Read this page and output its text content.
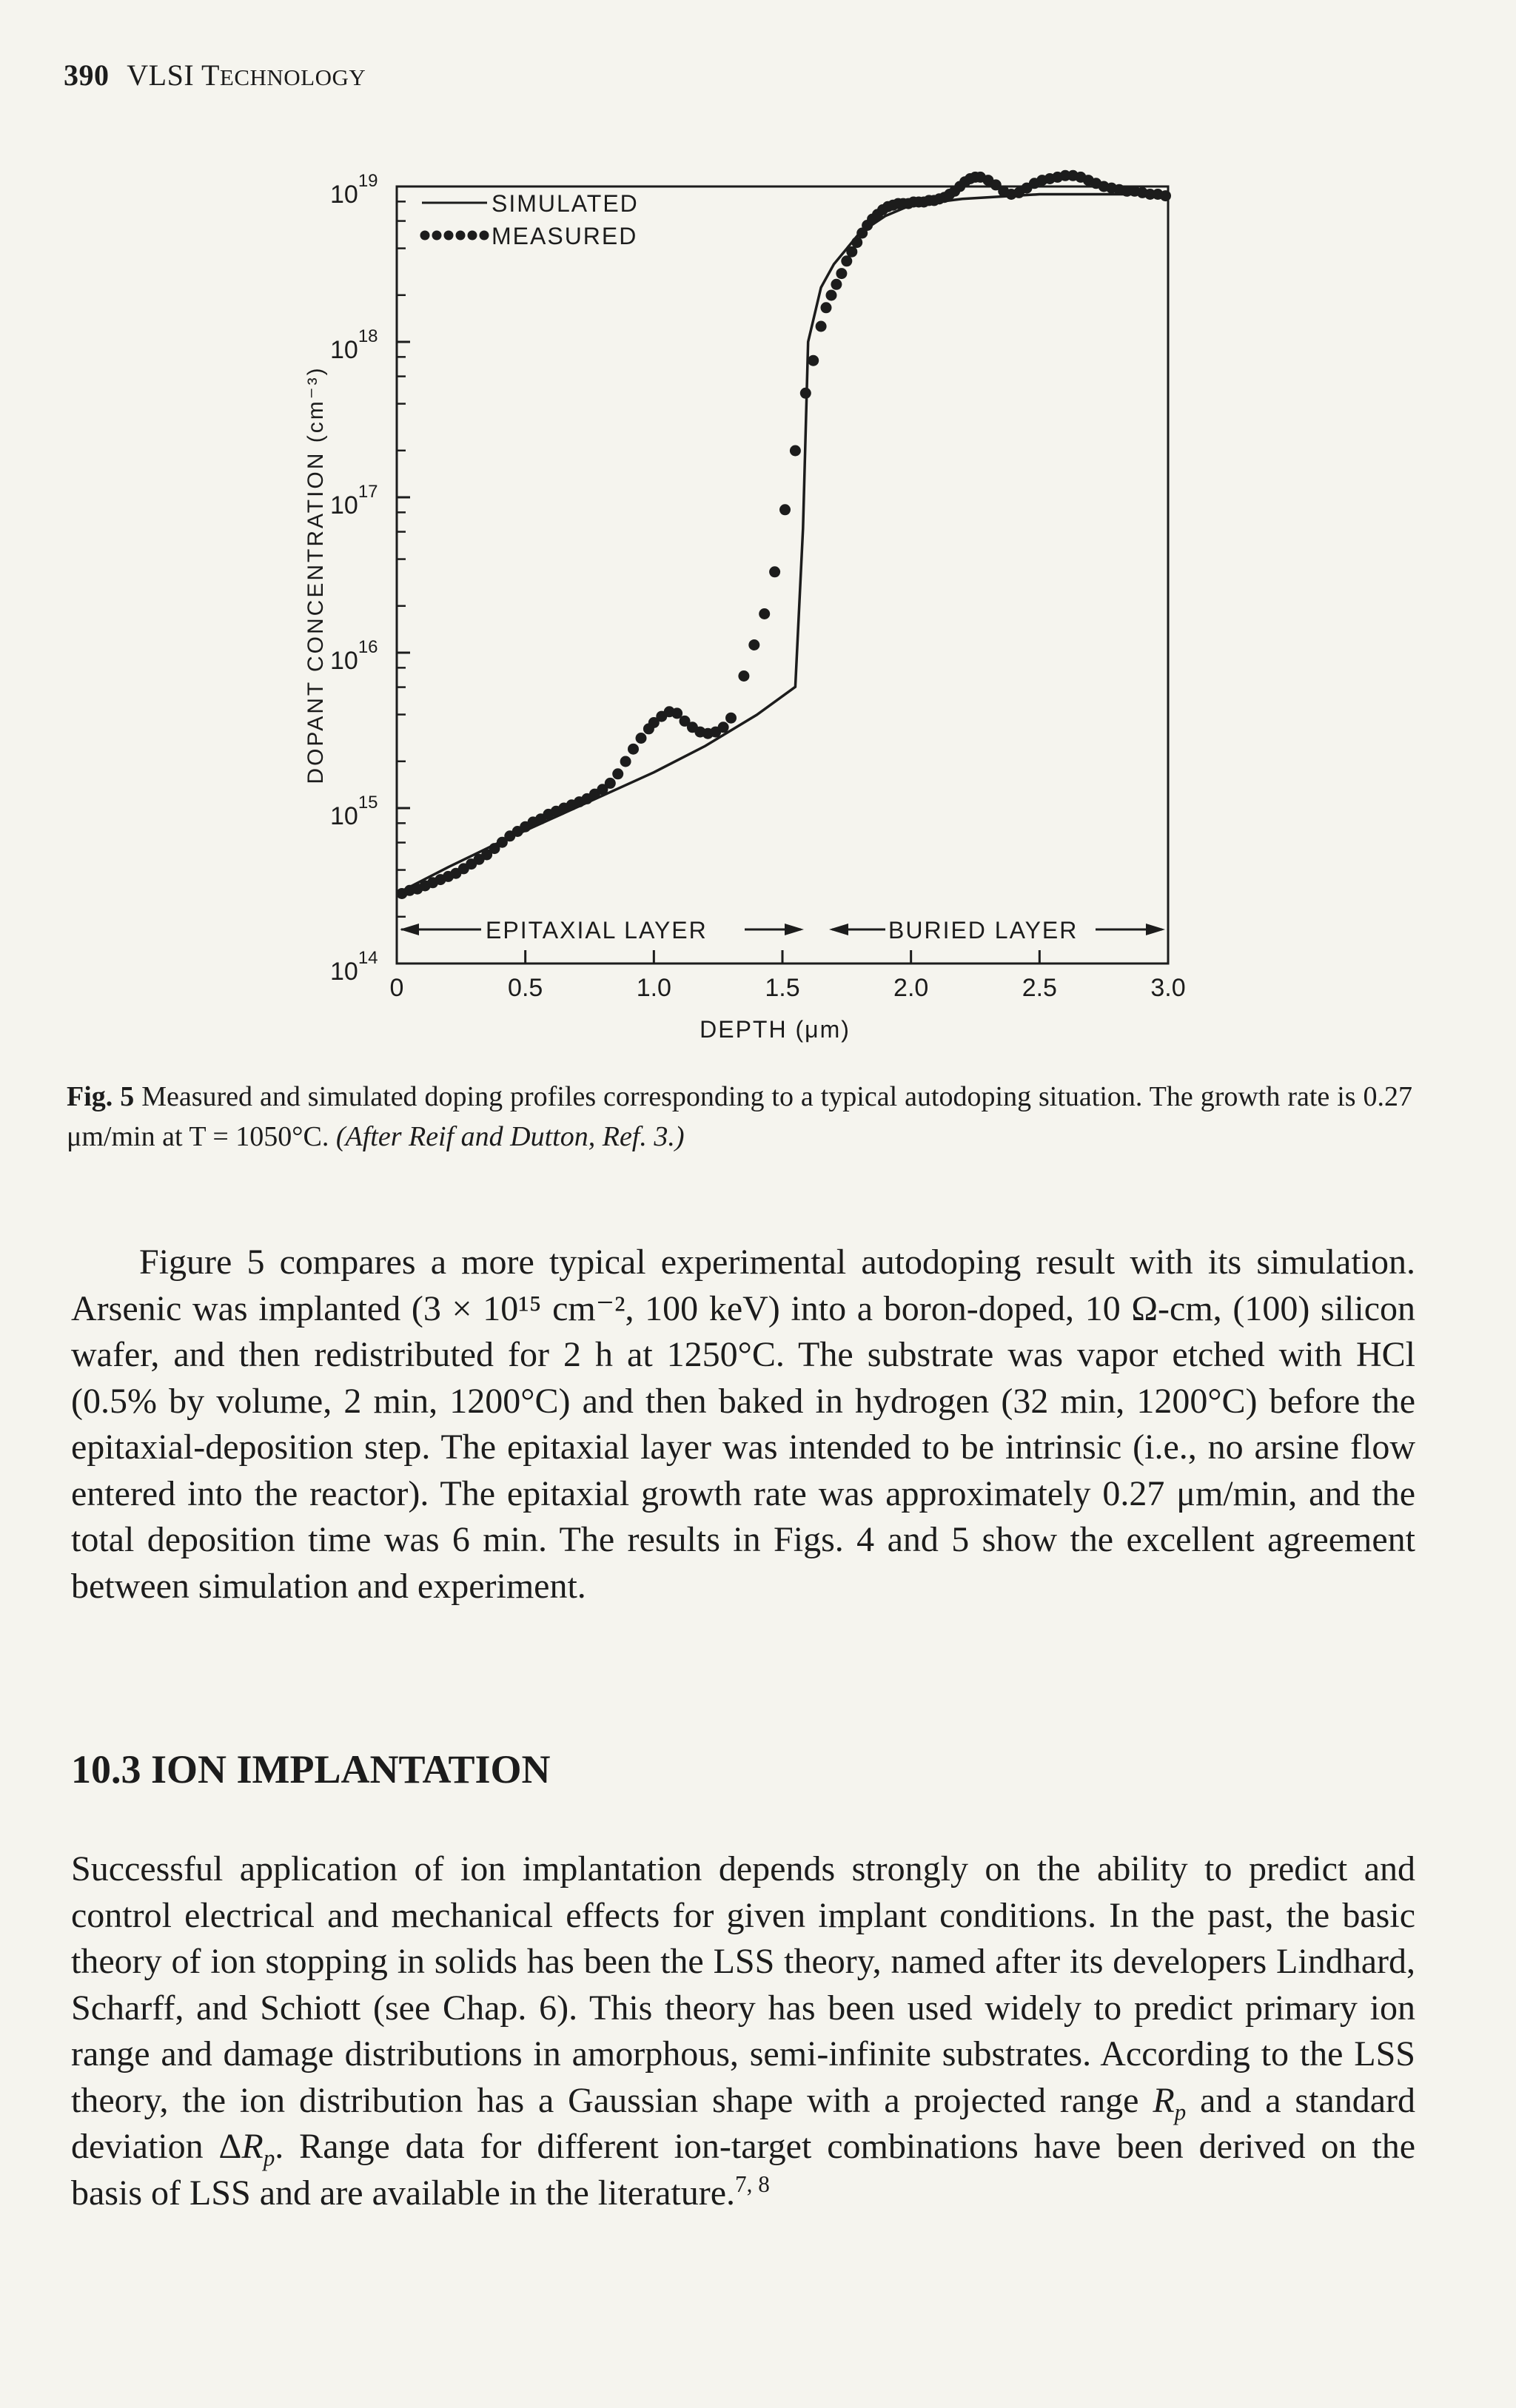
390 VLSI TECHNOLOGY
$10^{19}$
$10^{18}$
$10^{17}$
$10^{16}$
$10^{15}$
$10^{14}$
0	0.5	1.0	1.5	2.0	2.5	3.0
DOPANT CONCENTRATION (cm⁻³)
DEPTH (μm)
SIMULATED
MEASURED
EPITAXIAL LAYER	BURIED LAYER
Fig. 5 Measured and simulated doping profiles corresponding to a typical autodoping situation. The growth rate is 0.27 μm/min at T = 1050°C. (After Reif and Dutton, Ref. 3.)

Figure 5 compares a more typical experimental autodoping result with its simulation. Arsenic was implanted (3 × 10¹⁵ cm⁻², 100 keV) into a boron-doped, 10 Ω-cm, (100) silicon wafer, and then redistributed for 2 h at 1250°C. The substrate was vapor etched with HCl (0.5% by volume, 2 min, 1200°C) and then baked in hydrogen (32 min, 1200°C) before the epitaxial-deposition step. The epitaxial layer was intended to be intrinsic (i.e., no arsine flow entered into the reactor). The epitaxial growth rate was approximately 0.27 μm/min, and the total deposition time was 6 min. The results in Figs. 4 and 5 show the excellent agreement between simulation and experiment.

10.3 ION IMPLANTATION

Successful application of ion implantation depends strongly on the ability to predict and control electrical and mechanical effects for given implant conditions. In the past, the basic theory of ion stopping in solids has been the LSS theory, named after its developers Lindhard, Scharff, and Schiott (see Chap. 6). This theory has been used widely to predict primary ion range and damage distributions in amorphous, semi-infinite substrates. According to the LSS theory, the ion distribution has a Gaussian shape with a projected range $R_p$ and a standard deviation $\Delta R_p$. Range data for different ion-target combinations have been derived on the basis of LSS and are available in the literature.$^{7, 8}$
